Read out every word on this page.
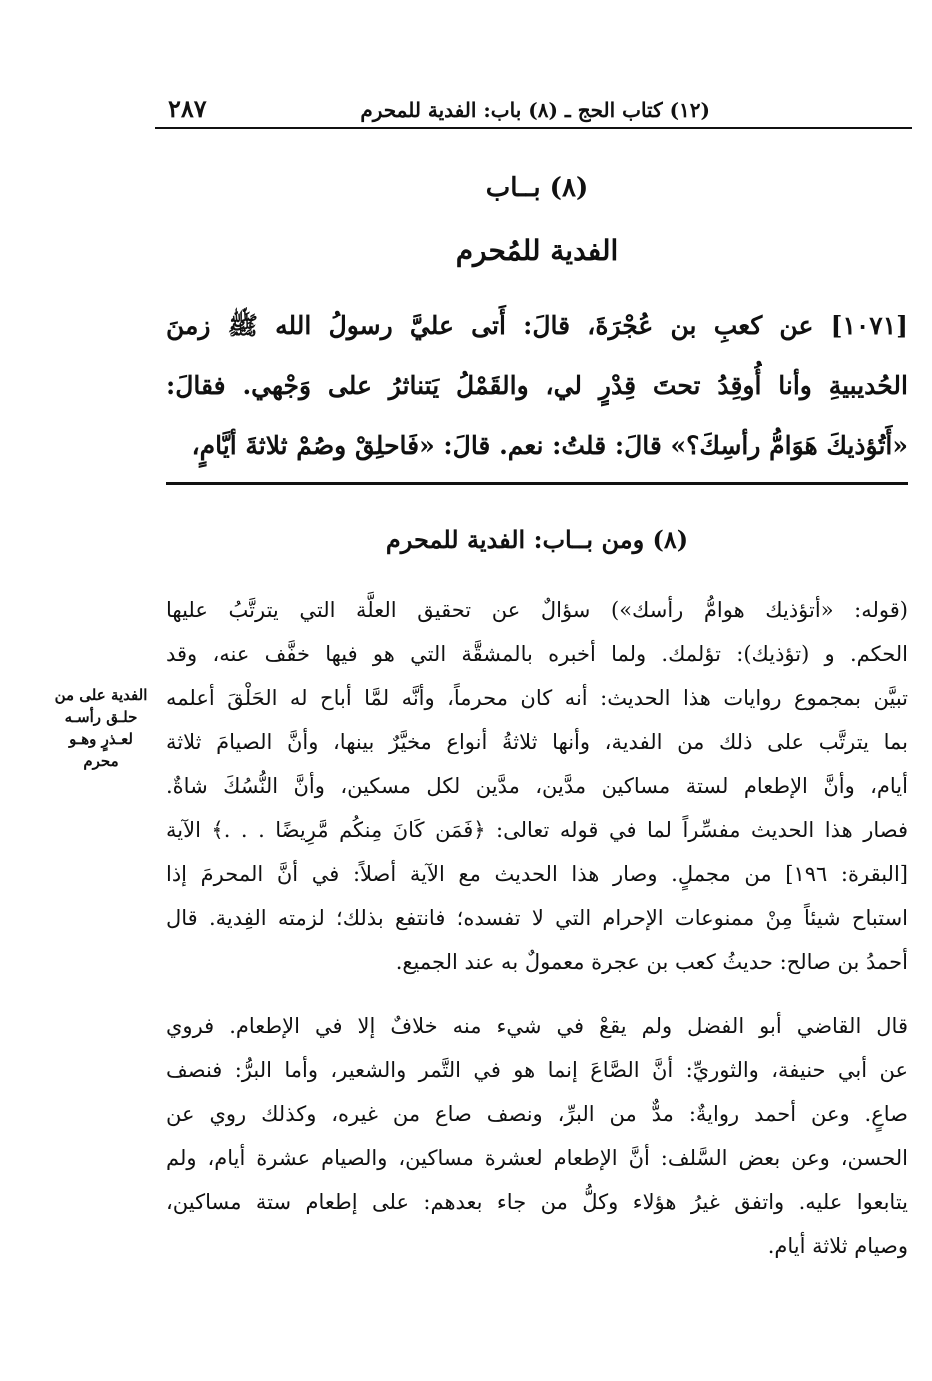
(١٢) كتاب الحج ـ (٨) باب: الفدية للمحرم
٢٨٧
(٨) بــاب
الفدية للمُحرم
[١٠٧١] عن كعبِ بن عُجْرَةَ، قالَ: أَتى عليَّ رسولُ الله ﷺ زمنَ
الحُديبيةِ وأنا أُوقِدُ تحتَ قِدْرٍ لي، والقَمْلُ يَتناثرُ على وَجْهي. فقالَ:
«أَتُؤذيكَ هَوَامُّ رأسِكَ؟» قالَ: قلتُ: نعم. قالَ: «فَاحلِقْ وصُمْ ثلاثةَ أيَّامٍ،
(٨) ومن بــاب: الفدية للمحرم
(قوله: «أتؤذيك هوامُّ رأسك») سؤالٌ عن تحقيق العلَّة التي يترتَّبُ عليها
الحكم. و (تؤذيك): تؤلمك. ولما أخبره بالمشقَّة التي هو فيها خفَّف عنه، وقد
تبيَّن بمجموع روايات هذا الحديث: أنه كان محرماً، وأنَّه لمَّا أباح له الحَلْقَ أعلمه
بما يترتَّب على ذلك من الفدية، وأنها ثلاثةُ أنواع مخيَّرٌ بينها، وأنَّ الصيامَ ثلاثة
أيام، وأنَّ الإطعام لستة مساكين مدَّين، مدَّين لكل مسكين، وأنَّ النُّسُكَ شاةٌ.
فصار هذا الحديث مفسِّراً لما في قوله تعالى: ﴿فَمَن كَانَ مِنكُم مَّرِيضًا . . .﴾ الآية
[البقرة: ١٩٦] من مجملٍ. وصار هذا الحديث مع الآية أصلاً: في أنَّ المحرمَ إذا
استباح شيئاً مِنْ ممنوعات الإحرام التي لا تفسده؛ فانتفع بذلك؛ لزمته الفِدية. قال
أحمدُ بن صالح: حديثُ كعب بن عجرة معمولٌ به عند الجميع.
قال القاضي أبو الفضل ولم يقعْ في شيء منه خلافٌ إلا في الإطعام. فروي
عن أبي حنيفة، والثوريِّ: أنَّ الصَّاعَ إنما هو في التَّمر والشعير، وأما البرُّ: فنصف
صاعٍ. وعن أحمد روايةٌ: مدٌّ من البرِّ، ونصف صاع من غيره، وكذلك روي عن
الحسن، وعن بعض السَّلف: أنَّ الإطعام لعشرة مساكين، والصيام عشرة أيام، ولم
يتابعوا عليه. واتفق غيرُ هؤلاء وكلُّ من جاء بعدهم: على إطعام ستة مساكين،
وصيام ثلاثة أيام.
الفدية على من
حلـق رأسـه
لعـذرٍ وهـو
محرم
